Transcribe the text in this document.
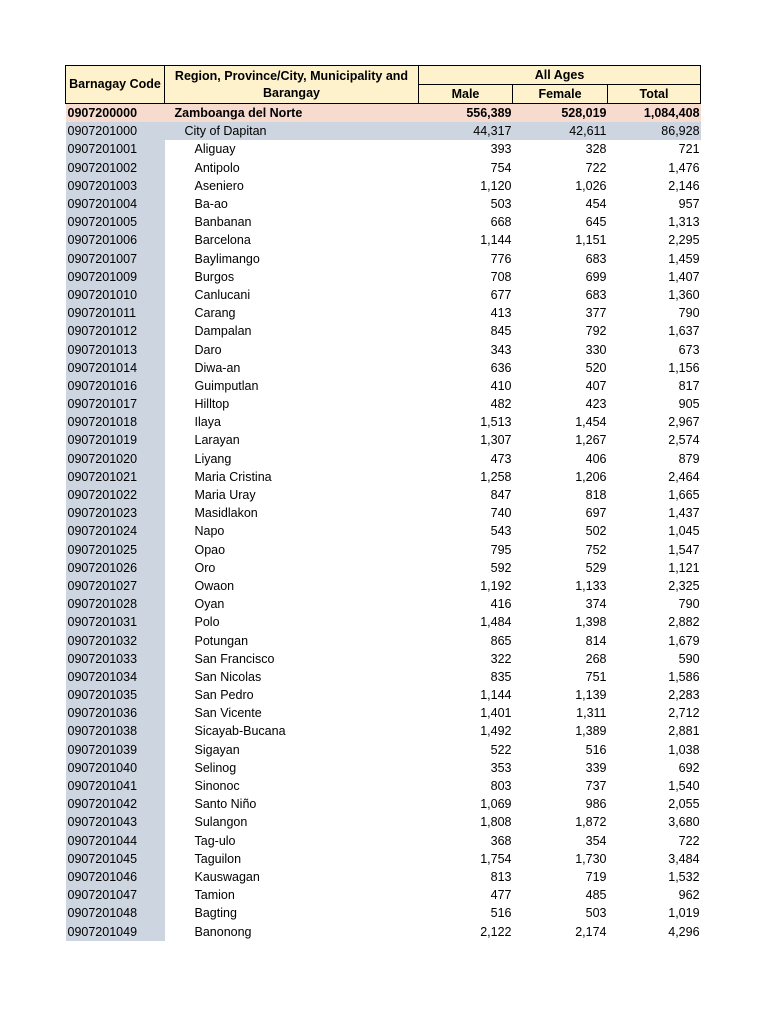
Barnagay Code	Region, Province/City, Municipality and Barangay	All Ages		
		Male	Female	Total
0907200000	Zamboanga del Norte	556,389	528,019	1,084,408
0907201000	City of Dapitan	44,317	42,611	86,928
0907201001	Aliguay	393	328	721
0907201002	Antipolo	754	722	1,476
0907201003	Aseniero	1,120	1,026	2,146
0907201004	Ba-ao	503	454	957
0907201005	Banbanan	668	645	1,313
0907201006	Barcelona	1,144	1,151	2,295
0907201007	Baylimango	776	683	1,459
0907201009	Burgos	708	699	1,407
0907201010	Canlucani	677	683	1,360
0907201011	Carang	413	377	790
0907201012	Dampalan	845	792	1,637
0907201013	Daro	343	330	673
0907201014	Diwa-an	636	520	1,156
0907201016	Guimputlan	410	407	817
0907201017	Hilltop	482	423	905
0907201018	Ilaya	1,513	1,454	2,967
0907201019	Larayan	1,307	1,267	2,574
0907201020	Liyang	473	406	879
0907201021	Maria Cristina	1,258	1,206	2,464
0907201022	Maria Uray	847	818	1,665
0907201023	Masidlakon	740	697	1,437
0907201024	Napo	543	502	1,045
0907201025	Opao	795	752	1,547
0907201026	Oro	592	529	1,121
0907201027	Owaon	1,192	1,133	2,325
0907201028	Oyan	416	374	790
0907201031	Polo	1,484	1,398	2,882
0907201032	Potungan	865	814	1,679
0907201033	San Francisco	322	268	590
0907201034	San Nicolas	835	751	1,586
0907201035	San Pedro	1,144	1,139	2,283
0907201036	San Vicente	1,401	1,311	2,712
0907201038	Sicayab-Bucana	1,492	1,389	2,881
0907201039	Sigayan	522	516	1,038
0907201040	Selinog	353	339	692
0907201041	Sinonoc	803	737	1,540
0907201042	Santo Niño	1,069	986	2,055
0907201043	Sulangon	1,808	1,872	3,680
0907201044	Tag-ulo	368	354	722
0907201045	Taguilon	1,754	1,730	3,484
0907201046	Kauswagan	813	719	1,532
0907201047	Tamion	477	485	962
0907201048	Bagting	516	503	1,019
0907201049	Banonong	2,122	2,174	4,296
